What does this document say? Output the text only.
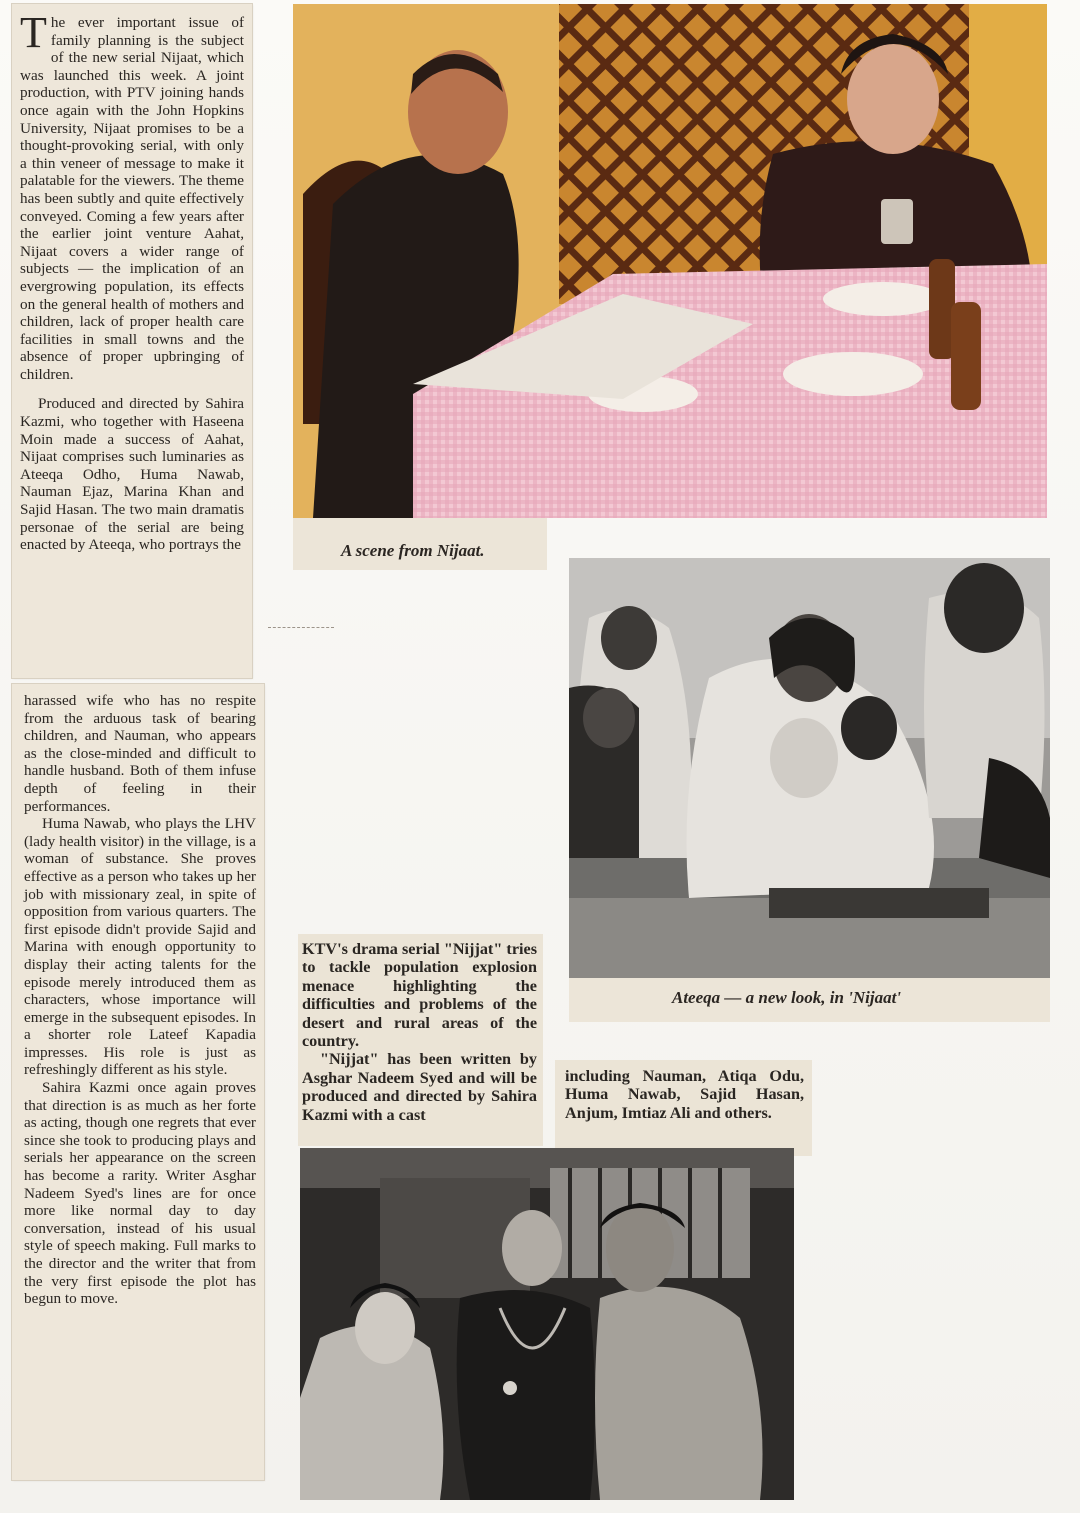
T he ever important issue of family planning is the subject of the new serial Nijaat, which was launched this week. A joint production, with PTV joining hands once again with the John Hopkins University, Nijaat promises to be a thought-provoking serial, with only a thin veneer of message to make it palatable for the viewers. The theme has been subtly and quite effectively conveyed. Coming a few years after the earlier joint venture Aahat, Nijaat covers a wider range of subjects — the implication of an evergrowing population, its effects on the general health of mothers and children, lack of proper health care facilities in small towns and the absence of proper upbringing of children.

Produced and directed by Sahira Kazmi, who together with Haseena Moin made a success of Aahat, Nijaat comprises such luminaries as Ateeqa Odho, Huma Nawab, Nauman Ejaz, Marina Khan and Sajid Hasan. The two main dramatis personae of the serial are being enacted by Ateeqa, who portrays the

harassed wife who has no respite from the arduous task of bearing children, and Nauman, who appears as the close-minded and difficult to handle husband. Both of them infuse depth of feeling in their performances.

Huma Nawab, who plays the LHV (lady health visitor) in the village, is a woman of substance. She proves effective as a person who takes up her job with missionary zeal, in spite of opposition from various quarters. The first episode didn't provide Sajid and Marina with enough opportunity to display their acting talents for the episode merely introduced them as characters, whose importance will emerge in the subsequent episodes. In a shorter role Lateef Kapadia impresses. His role is just as refreshingly different as his style.

Sahira Kazmi once again proves that direction is as much as her forte as acting, though one regrets that ever since she took to producing plays and serials her appearance on the screen has become a rarity. Writer Asghar Nadeem Syed's lines are for once more like normal day to day conversation, instead of his usual style of speech making. Full marks to the director and the writer that from the very first episode the plot has begun to move.

A scene from Nijaat.
Ateeqa — a new look, in 'Nijaat'

KTV's drama serial "Nijjat" tries to tackle population explosion menace highlighting the difficulties and problems of the desert and rural areas of the country.

"Nijjat" has been written by Asghar Nadeem Syed and will be produced and directed by Sahira Kazmi with a cast

including Nauman, Atiqa Odu, Huma Nawab, Sajid Hasan, Anjum, Imtiaz Ali and others.
